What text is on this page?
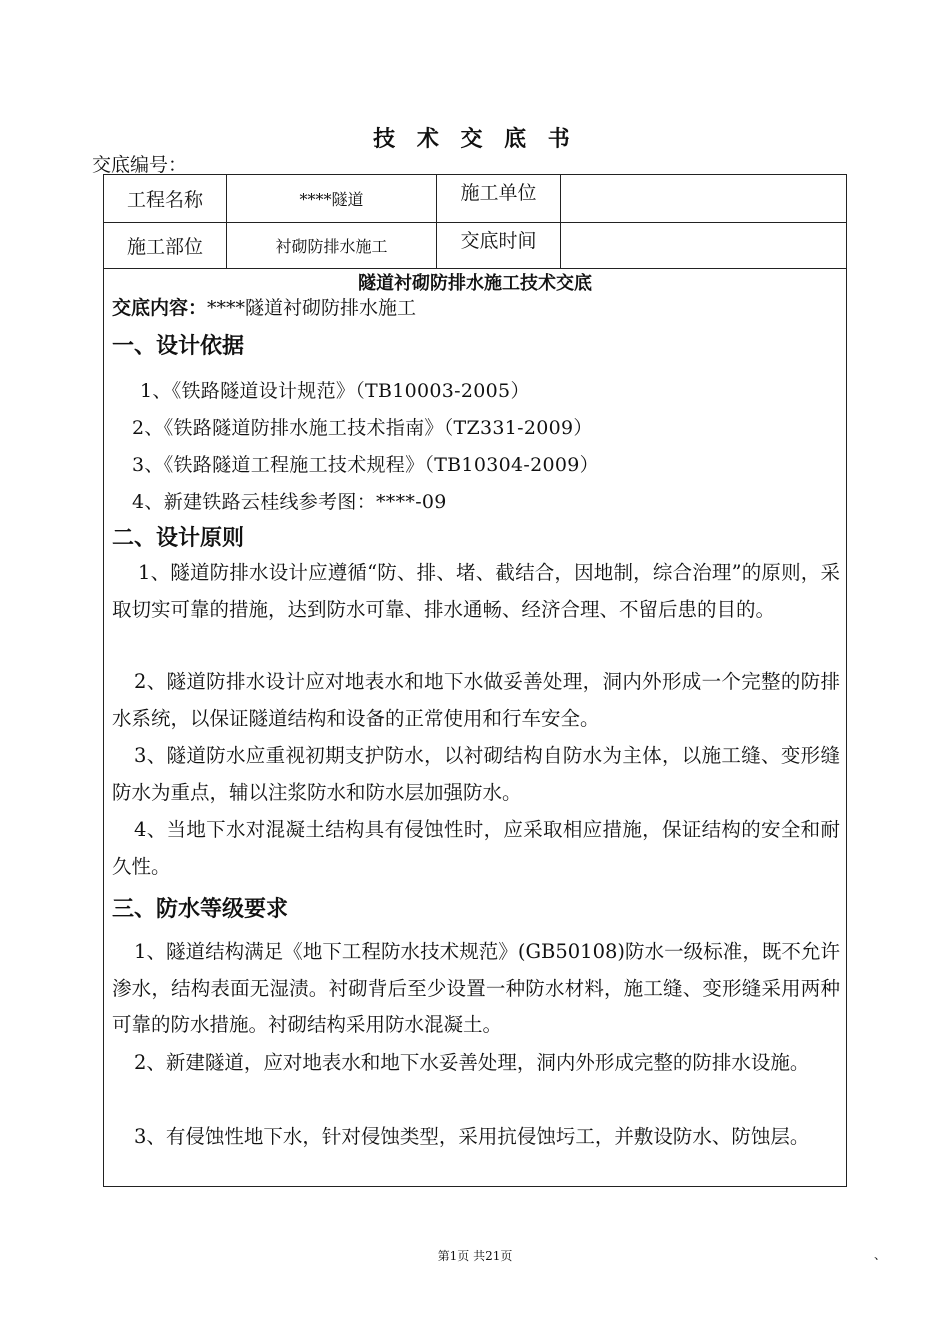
技 术 交 底 书
交底编号：
工程名称	****隧道	施工单位
施工部位	衬砌防排水施工	交底时间
隧道衬砌防排水施工技术交底
交底内容：****隧道衬砌防排水施工
一、设计依据
1、《铁路隧道设计规范》（TB10003-2005）
2、《铁路隧道防排水施工技术指南》（TZ331-2009）
3、《铁路隧道工程施工技术规程》（TB10304-2009）
4、新建铁路云桂线参考图：****-09
二、设计原则
1、隧道防排水设计应遵循“防、排、堵、截结合，因地制，综合治理”的原则，采取切实可靠的措施，达到防水可靠、排水通畅、经济合理、不留后患的目的。
2、隧道防排水设计应对地表水和地下水做妥善处理，洞内外形成一个完整的防排水系统，以保证隧道结构和设备的正常使用和行车安全。
3、隧道防水应重视初期支护防水，以衬砌结构自防水为主体，以施工缝、变形缝防水为重点，辅以注浆防水和防水层加强防水。
4、当地下水对混凝土结构具有侵蚀性时，应采取相应措施，保证结构的安全和耐久性。
三、防水等级要求
1、隧道结构满足《地下工程防水技术规范》(GB50108)防水一级标准，既不允许渗水，结构表面无湿渍。衬砌背后至少设置一种防水材料，施工缝、变形缝采用两种可靠的防水措施。衬砌结构采用防水混凝土。
2、新建隧道，应对地表水和地下水妥善处理，洞内外形成完整的防排水设施。
3、有侵蚀性地下水，针对侵蚀类型，采用抗侵蚀圬工，并敷设防水、防蚀层。
第1页 共21页	、
